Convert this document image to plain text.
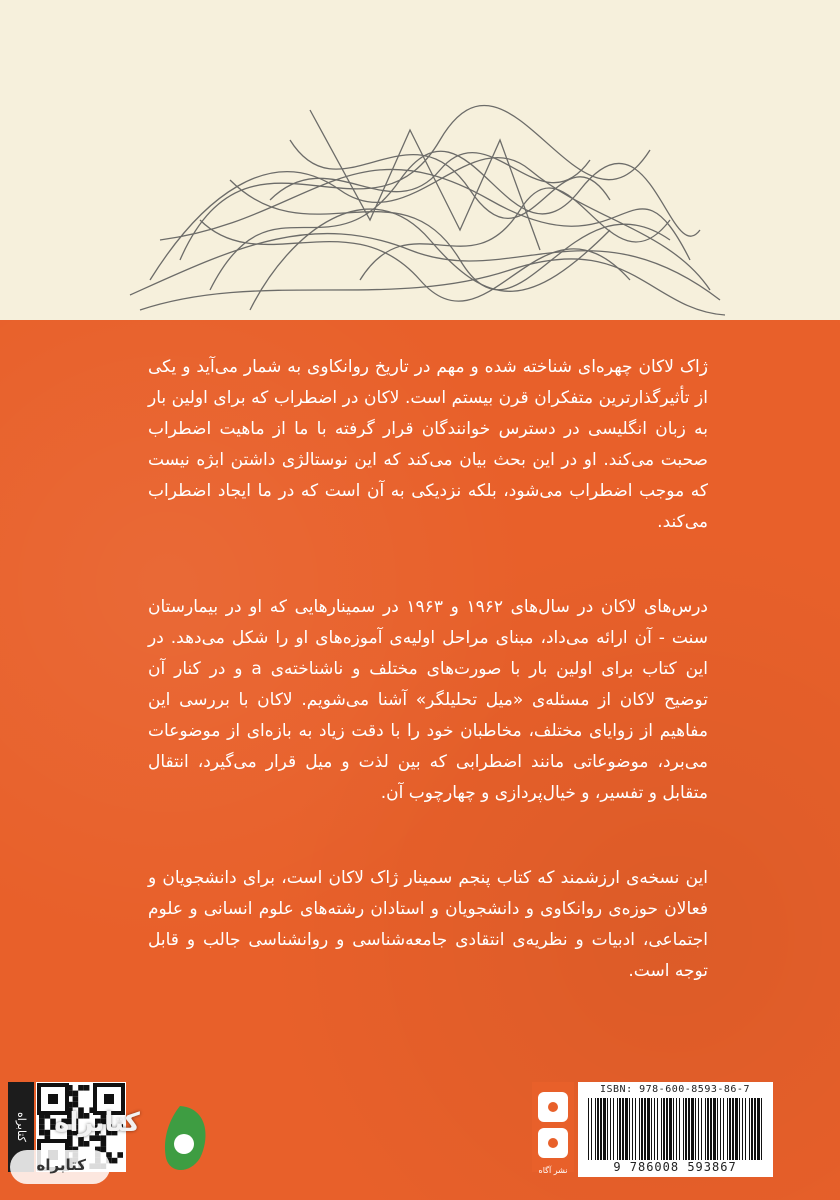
ژاک لاکان چهره‌ای شناخته شده و مهم در تاریخ روانکاوی به شمار می‌آید و یکی از تأثیرگذارترین متفکران قرن بیستم است. لاکان در اضطراب که برای اولین بار به زبان انگلیسی در دسترس خوانندگان قرار گرفته با ما از ماهیت اضطراب صحبت می‌کند. او در این بحث بیان می‌کند که این نوستالژی داشتن ابژه نیست که موجب اضطراب می‌شود، بلکه نزدیکی به آن است که در ما ایجاد اضطراب می‌کند.

درس‌های لاکان در سال‌های ۱۹۶۲ و ۱۹۶۳ در سمینارهایی که او در بیمارستان سنت - آن ارائه می‌داد، مبنای مراحل اولیه‌ی آموزه‌های او را شکل می‌دهد. در این کتاب برای اولین بار با صورت‌های مختلف و ناشناخته‌ی a و در کنار آن توضیح لاکان از مسئله‌ی «میل تحلیلگر» آشنا می‌شویم. لاکان با بررسی این مفاهیم از زوایای مختلف، مخاطبان خود را با دقت زیاد به بازه‌ای از موضوعات می‌برد، موضوعاتی مانند اضطرابی که بین لذت و میل قرار می‌گیرد، انتقال متقابل و تفسیر، و خیال‌پردازی و چهارچوب آن.

این نسخه‌ی ارزشمند که کتاب پنجم سمینار ژاک لاکان است، برای دانشجویان و فعالان حوزه‌ی روانکاوی و دانشجویان و استادان رشته‌های علوم انسانی و علوم اجتماعی، ادبیات و نظریه‌ی انتقادی جامعه‌شناسی و روانشناسی جالب و قابل توجه است.

نشر آگاه
ISBN: 978-600-8593-86-7
9 786008 593867
کتابراه	کتابراه
کتابراه
